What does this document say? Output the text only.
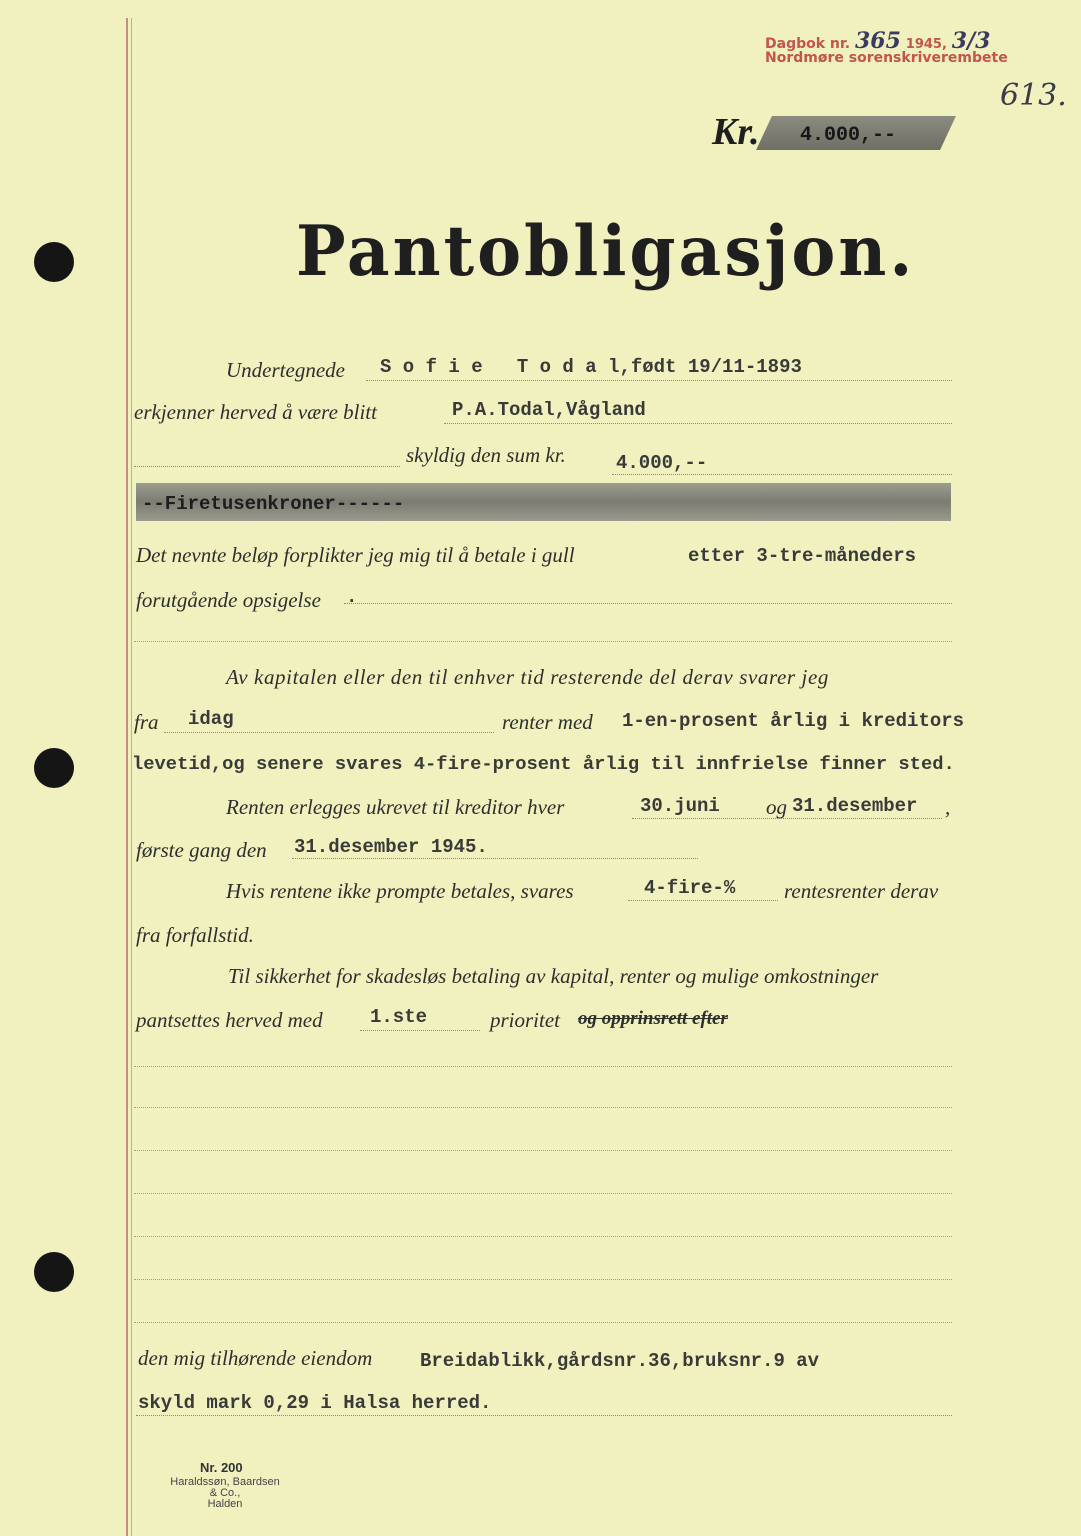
Dagbok nr. 365 1945, 3/3
Nordmøre sorenskriverembete
613.
Kr. 4.000,--
Pantobligasjon.
Undertegnede S o f i e   T o d a l,født 19/11-1893
erkjenner herved å være blitt	P.A.Todal,Vågland
skyldig den sum kr.	4.000,--
--Firetusenkroner------
Det nevnte beløp forplikter jeg mig til å betale i gull	etter 3-tre-måneders
forutgående opsigelse .
Av kapitalen eller den til enhver tid resterende del derav svarer jeg
fra idag	renter med 1-en-prosent årlig i kreditors
levetid,og senere svares 4-fire-prosent årlig til innfrielse finner sted.
Renten erlegges ukrevet til kreditor hver	30.juni og 31.desember ,
første gang den 31.desember 1945.
Hvis rentene ikke prompte betales, svares	4-fire-% rentesrenter derav
fra forfallstid.
Til sikkerhet for skadesløs betaling av kapital, renter og mulige omkostninger
pantsettes herved med 1.ste	prioritet og opprinsrett efter
den mig tilhørende eiendom	Breidablikk,gårdsnr.36,bruksnr.9 av
skyld mark 0,29 i Halsa herred.
Nr. 200
Haraldssøn, Baardsen & Co.,
Halden
